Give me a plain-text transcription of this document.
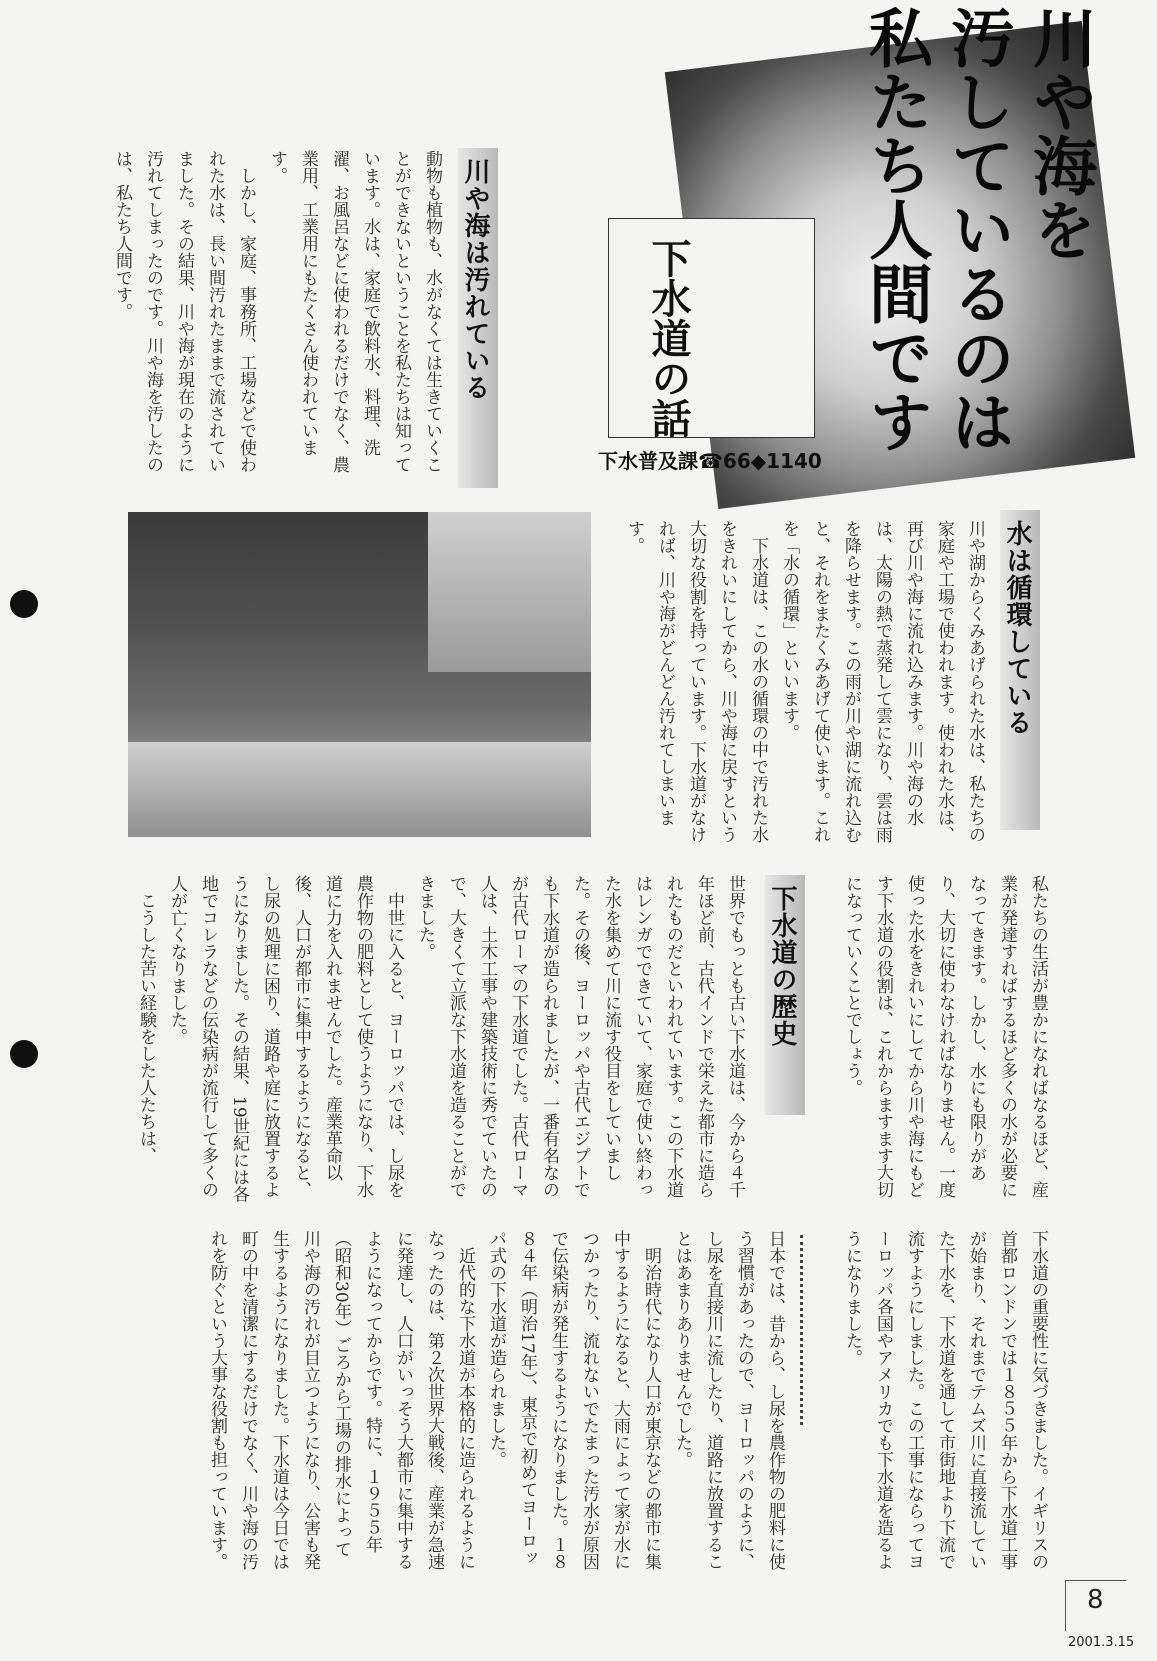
川や海を
汚しているのは
私たち人間です
下水道の話
下水普及課☎66◆1140
川や海は汚れている
動物も植物も、水がなくては生きていくことができないということを私たちは知っています。水は、家庭で飲料水、料理、洗濯、お風呂などに使われるだけでなく、農業用、工業用にもたくさん使われています。
　しかし、家庭、事務所、工場などで使われた水は、長い間汚れたままで流されていました。その結果、川や海が現在のように汚れてしまったのです。川や海を汚したのは、私たち人間です。
水は循環している
川や湖からくみあげられた水は、私たちの家庭や工場で使われます。使われた水は、再び川や海に流れ込みます。川や海の水は、太陽の熱で蒸発して雲になり、雲は雨を降らせます。この雨が川や湖に流れ込むと、それをまたくみあげて使います。これを「水の循環」といいます。
　下水道は、この水の循環の中で汚れた水をきれいにしてから、川や海に戻すという大切な役割を持っています。下水道がなければ、川や海がどんどん汚れてしまいます。
私たちの生活が豊かになればなるほど、産業が発達すればするほど多くの水が必要になってきます。しかし、水にも限りがあり、大切に使わなければなりません。一度使った水をきれいにしてから川や海にもどす下水道の役割は、これからますます大切になっていくことでしょう。
下水道の歴史
世界でもっとも古い下水道は、今から４千年ほど前、古代インドで栄えた都市に造られたものだといわれています。この下水道はレンガでできていて、家庭で使い終わった水を集めて川に流す役目をしていました。その後、ヨーロッパや古代エジプトでも下水道が造られましたが、一番有名なのが古代ローマの下水道でした。古代ローマ人は、土木工事や建築技術に秀でていたので、大きくて立派な下水道を造ることができました。
　中世に入ると、ヨーロッパでは、し尿を農作物の肥料として使うようになり、下水道に力を入れませんでした。産業革命以後、人口が都市に集中するようになると、し尿の処理に困り、道路や庭に放置するようになりました。その結果、19世紀には各地でコレラなどの伝染病が流行して多くの人が亡くなりました。
　こうした苦い経験をした人たちは、
下水道の重要性に気づきました。イギリスの首都ロンドンでは１８５５年から下水道工事が始まり、それまでテムズ川に直接流していた下水を、下水道を通して市街地より下流で流すようにしました。この工事にならってヨーロッパ各国やアメリカでも下水道を造るようになりました。
日本では、昔から、し尿を農作物の肥料に使う習慣があったので、ヨーロッパのように、し尿を直接川に流したり、道路に放置することはあまりありませんでした。
　明治時代になり人口が東京などの都市に集中するようになると、大雨によって家が水につかったり、流れないでたまった汚水が原因で伝染病が発生するようになりました。１８８４年（明治17年）、東京で初めてヨーロッパ式の下水道が造られました。
　近代的な下水道が本格的に造られるようになったのは、第２次世界大戦後、産業が急速に発達し、人口がいっそう大都市に集中するようになってからです。特に、１９５５年（昭和30年）ごろから工場の排水によって川や海の汚れが目立つようになり、公害も発生するようになりました。下水道は今日では町の中を清潔にするだけでなく、川や海の汚れを防ぐという大事な役割も担っています。
8
2001.3.15
